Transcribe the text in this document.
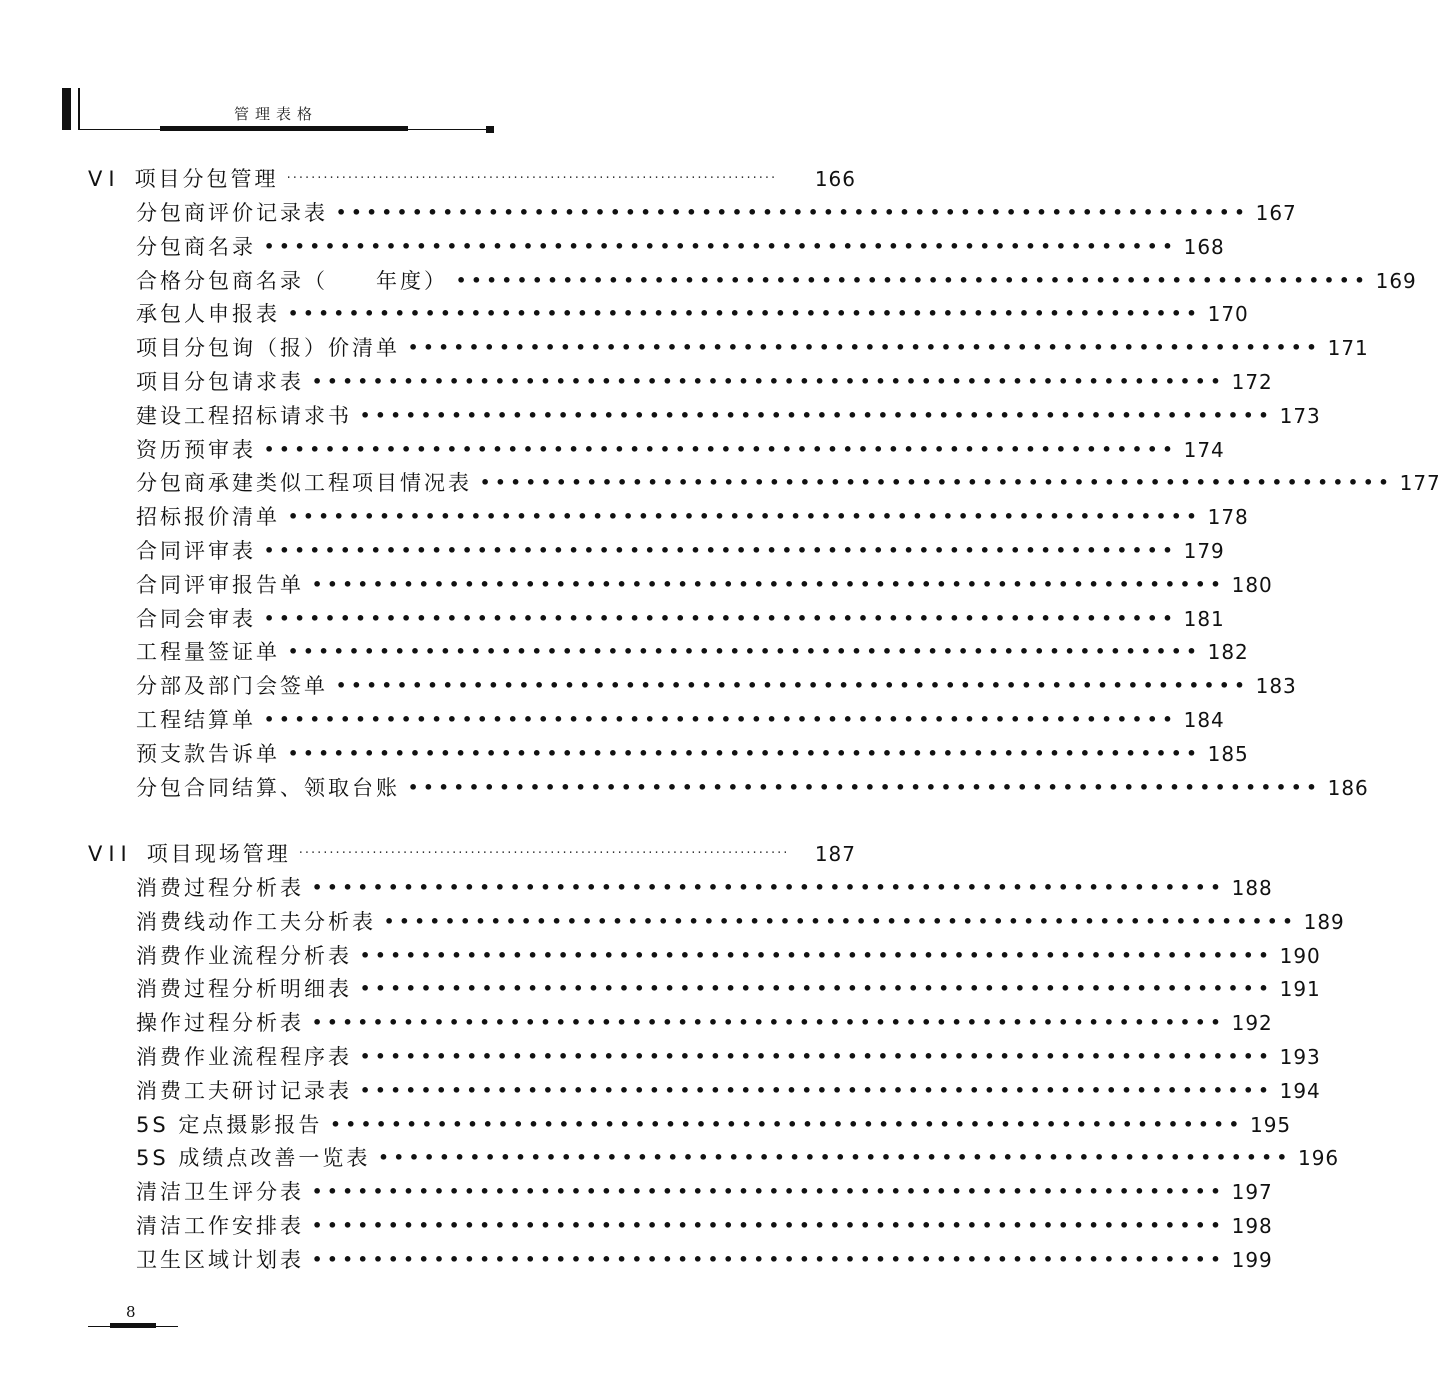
管理表格
VI 项目分包管理 ················································································	166
分包商评价记录表 •••••••••••••••••••••••••••••••••••••••••••••••••••••••••••• 167
分包商名录 •••••••••••••••••••••••••••••••••••••••••••••••••••••••••••• 168
合格分包商名录（　　年度） •••••••••••••••••••••••••••••••••••••••••••••••••••••••••••• 169
承包人申报表 •••••••••••••••••••••••••••••••••••••••••••••••••••••••••••• 170
项目分包询（报）价清单 •••••••••••••••••••••••••••••••••••••••••••••••••••••••••••• 171
项目分包请求表 •••••••••••••••••••••••••••••••••••••••••••••••••••••••••••• 172
建设工程招标请求书 •••••••••••••••••••••••••••••••••••••••••••••••••••••••••••• 173
资历预审表 •••••••••••••••••••••••••••••••••••••••••••••••••••••••••••• 174
分包商承建类似工程项目情况表 •••••••••••••••••••••••••••••••••••••••••••••••••••••••••••• 177
招标报价清单 •••••••••••••••••••••••••••••••••••••••••••••••••••••••••••• 178
合同评审表 •••••••••••••••••••••••••••••••••••••••••••••••••••••••••••• 179
合同评审报告单 •••••••••••••••••••••••••••••••••••••••••••••••••••••••••••• 180
合同会审表 •••••••••••••••••••••••••••••••••••••••••••••••••••••••••••• 181
工程量签证单 •••••••••••••••••••••••••••••••••••••••••••••••••••••••••••• 182
分部及部门会签单 •••••••••••••••••••••••••••••••••••••••••••••••••••••••••••• 183
工程结算单 •••••••••••••••••••••••••••••••••••••••••••••••••••••••••••• 184
预支款告诉单 •••••••••••••••••••••••••••••••••••••••••••••••••••••••••••• 185
分包合同结算、领取台账 •••••••••••••••••••••••••••••••••••••••••••••••••••••••••••• 186
VII 项目现场管理 ················································································	187
消费过程分析表 •••••••••••••••••••••••••••••••••••••••••••••••••••••••••••• 188
消费线动作工夫分析表 •••••••••••••••••••••••••••••••••••••••••••••••••••••••••••• 189
消费作业流程分析表 •••••••••••••••••••••••••••••••••••••••••••••••••••••••••••• 190
消费过程分析明细表 •••••••••••••••••••••••••••••••••••••••••••••••••••••••••••• 191
操作过程分析表 •••••••••••••••••••••••••••••••••••••••••••••••••••••••••••• 192
消费作业流程程序表 •••••••••••••••••••••••••••••••••••••••••••••••••••••••••••• 193
消费工夫研讨记录表 •••••••••••••••••••••••••••••••••••••••••••••••••••••••••••• 194
5S 定点摄影报告 •••••••••••••••••••••••••••••••••••••••••••••••••••••••••••• 195
5S 成绩点改善一览表 •••••••••••••••••••••••••••••••••••••••••••••••••••••••••••• 196
清洁卫生评分表 •••••••••••••••••••••••••••••••••••••••••••••••••••••••••••• 197
清洁工作安排表 •••••••••••••••••••••••••••••••••••••••••••••••••••••••••••• 198
卫生区域计划表 •••••••••••••••••••••••••••••••••••••••••••••••••••••••••••• 199
8
